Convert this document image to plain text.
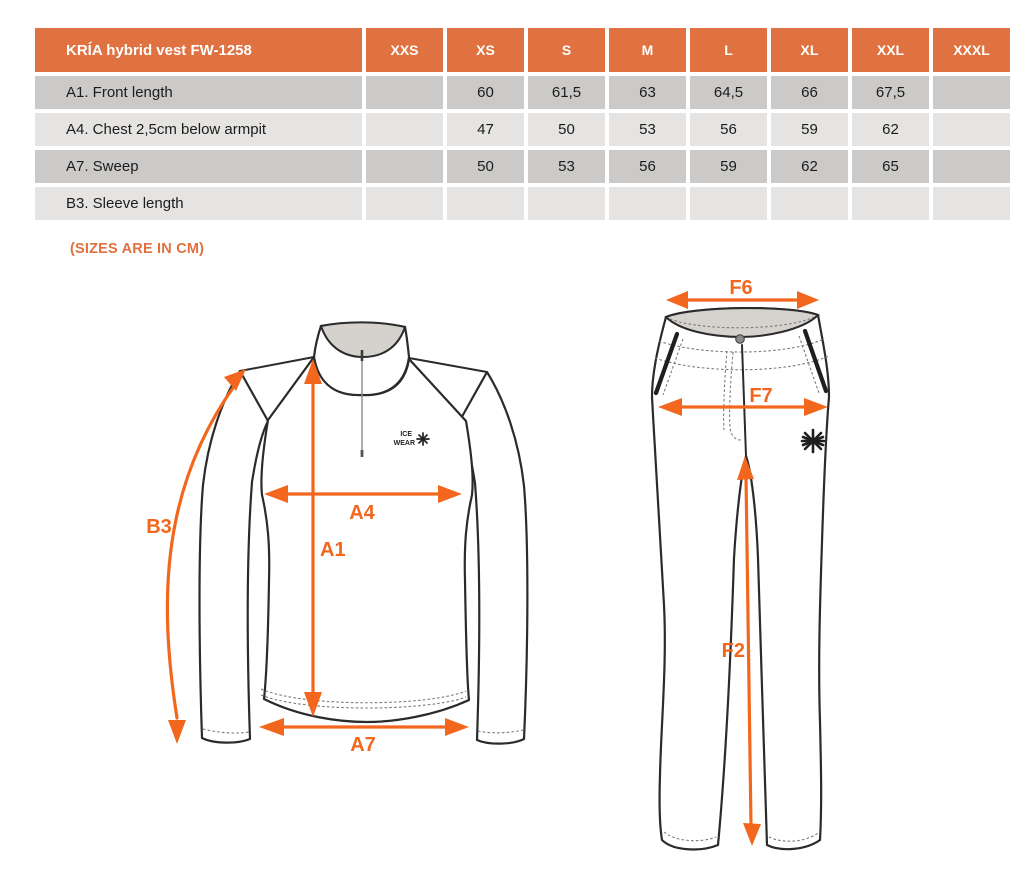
KRÍA hybrid vest FW-1258	XXS	XS	S	M	L	XL	XXL	XXXL
A1. Front length		60	61,5	63	64,5	66	67,5	
A4. Chest 2,5cm below armpit		47	50	53	56	59	62	
A7. Sweep		50	53	56	59	62	65	
B3. Sleeve length								
(SIZES ARE IN CM)
ICE
WEAR
B3
A4
A1
A7
F6
F7
F2
